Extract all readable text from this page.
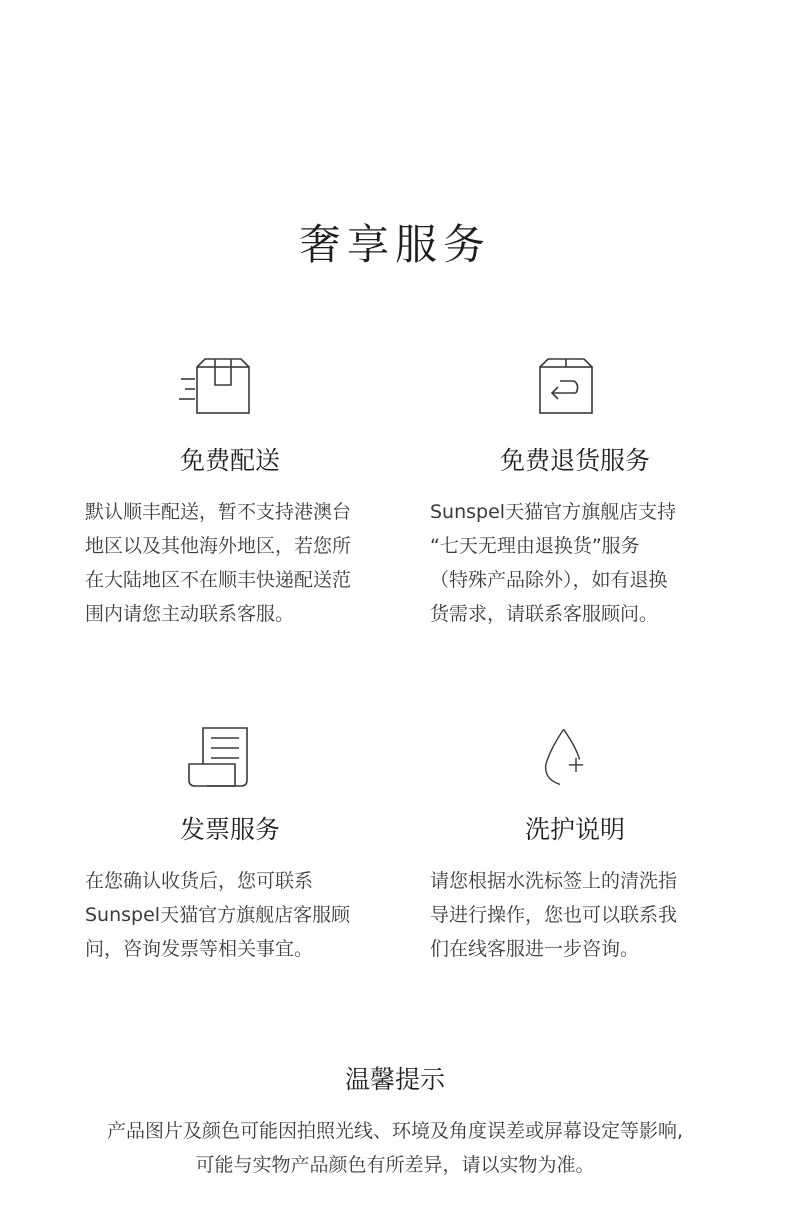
奢享服务
免费配送
默认顺丰配送，暂不支持港澳台
地区以及其他海外地区，若您所
在大陆地区不在顺丰快递配送范
围内请您主动联系客服。
免费退货服务
Sunspel天猫官方旗舰店支持
“七天无理由退换货”服务
（特殊产品除外），如有退换
货需求，请联系客服顾问。
发票服务
在您确认收货后，您可联系
Sunspel天猫官方旗舰店客服顾
问，咨询发票等相关事宜。
洗护说明
请您根据水洗标签上的清洗指
导进行操作，您也可以联系我
们在线客服进一步咨询。
温馨提示
产品图片及颜色可能因拍照光线、环境及角度误差或屏幕设定等影响,
可能与实物产品颜色有所差异，请以实物为准。
